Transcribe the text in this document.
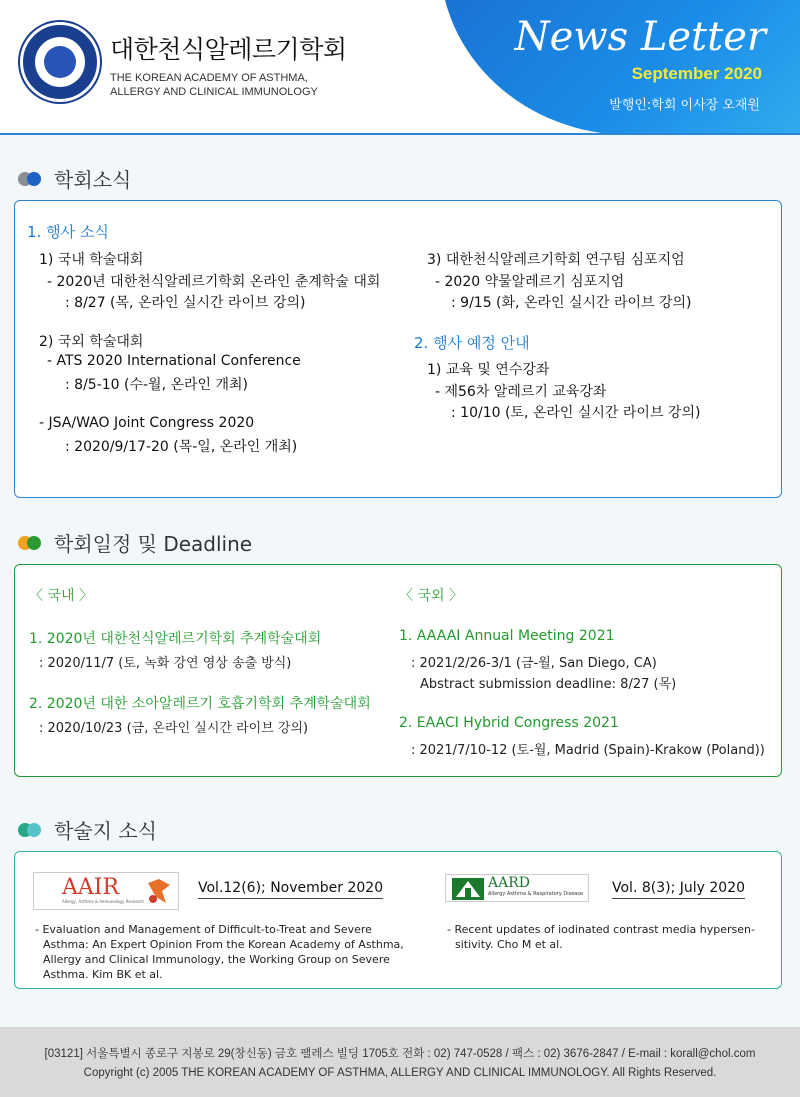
대한천식알레르기학회
THE KOREAN ACADEMY OF ASTHMA,
ALLERGY AND CLINICAL IMMUNOLOGY
News Letter
September 2020
발행인:학회 이사장 오재원
학회소식
1. 행사 소식
1) 국내 학술대회
- 2020년 대한천식알레르기학회 온라인 춘계학술 대회
: 8/27 (목, 온라인 실시간 라이브 강의)
2) 국외 학술대회
- ATS 2020 International Conference
: 8/5-10 (수-월, 온라인 개최)
- JSA/WAO Joint Congress 2020
: 2020/9/17-20 (목-일, 온라인 개최)
3) 대한천식알레르기학회 연구팀 심포지엄
- 2020 약물알레르기 심포지엄
: 9/15 (화, 온라인 실시간 라이브 강의)
2. 행사 예정 안내
1) 교육 및 연수강좌
- 제56차 알레르기 교육강좌
: 10/10 (토, 온라인 실시간 라이브 강의)
학회일정 및 Deadline
〈 국내 〉	〈 국외 〉
1. 2020년 대한천식알레르기학회 추계학술대회
: 2020/11/7 (토, 녹화 강연 영상 송출 방식)
2. 2020년 대한 소아알레르기 호흡기학회 추계학술대회
: 2020/10/23 (금, 온라인 실시간 라이브 강의)
1. AAAAI Annual Meeting 2021
: 2021/2/26-3/1 (금-월, San Diego, CA)
Abstract submission deadline: 8/27 (목)
2. EAACI Hybrid Congress 2021
: 2021/7/10-12 (토-월, Madrid (Spain)-Krakow (Poland))
학술지 소식
AAIR
Allergy, Asthma & Immunology Research
Vol.12(6); November 2020
- Evaluation and Management of Difficult-to-Treat and Severe
Asthma: An Expert Opinion From the Korean Academy of Asthma,
Allergy and Clinical Immunology, the Working Group on Severe
Asthma. Kim BK et al.
AARD
Allergy Asthma & Respiratory Disease Vol. 8(3); July 2020
- Recent updates of iodinated contrast media hypersen-
sitivity. Cho M et al.
[03121] 서울특별시 종로구 지봉로 29(창신동) 금호 팰레스 빌딩 1705호 전화 : 02) 747-0528 / 팩스 : 02) 3676-2847 / E-mail : korall@chol.com
Copyright (c) 2005 THE KOREAN ACADEMY OF ASTHMA, ALLERGY AND CLINICAL IMMUNOLOGY. All Rights Reserved.
